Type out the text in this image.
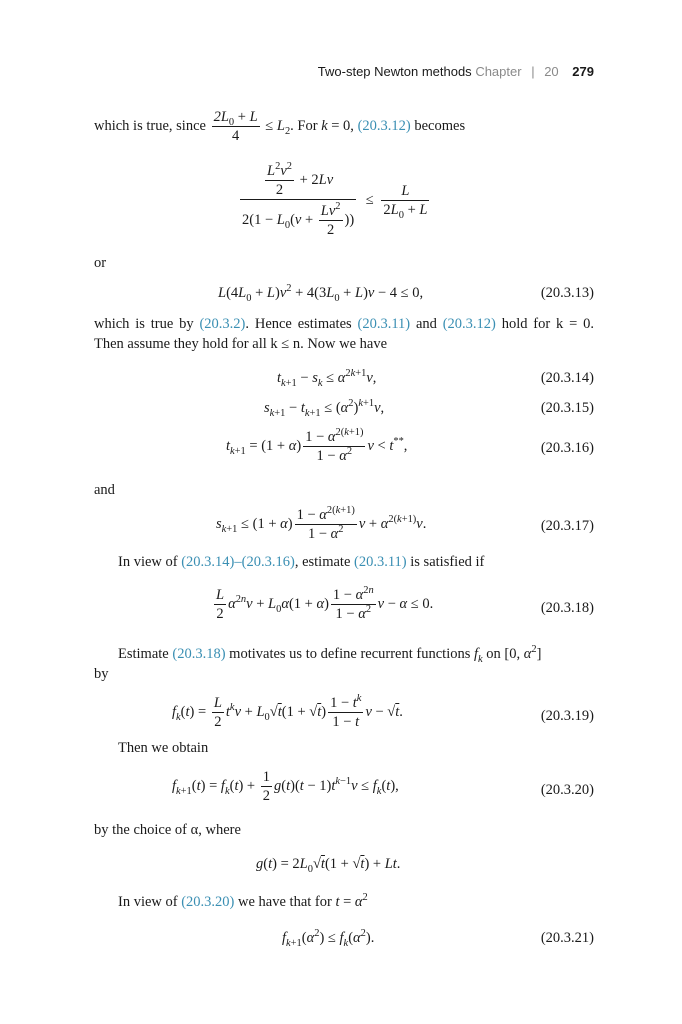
Two-step Newton methods Chapter | 20 279
which is true, since $\frac{2L_0 + L}{4} \le L_2$. For k = 0, (20.3.12) becomes
$\frac{\frac{L^2v^2}{2} + 2Lv}{2(1 - L_0(v + \frac{Lv^2}{2} ))} \le \frac{L}{2L_0 + L}$
or
$L(4L_0 + L)v^2 + 4(3L_0 + L)v - 4 \le 0$,	(20.3.13)
which is true by (20.3.2). Hence estimates (20.3.11) and (20.3.12) hold for k = 0. Then assume they hold for all k ≤ n. Now we have
$t_{k+1} - s_k \le \alpha^{2k+1}v$,	(20.3.14)
$s_{k+1} - t_{k+1} \le (\alpha^2)^{k+1}v$,	(20.3.15)
$t_{k+1} = (1 + \alpha) \frac{1 - \alpha^{2(k+1)}}{1 - \alpha^2}$ v < t**,	(20.3.16)
and
$s_{k+1} \le (1 + \alpha) \frac{1 - \alpha^{2(k+1)}}{1 - \alpha^2}$ $v + \alpha^{2(k+1)}v$.	(20.3.17)
In view of (20.3.14)–(20.3.16), estimate (20.3.11) is satisfied if
$\frac{L}{2} \alpha^{2n}v + L_0\alpha(1 + \alpha) \frac{1 - \alpha^{2n}}{1 - \alpha^2}$ v − α ≤ 0.	(20.3.18)
Estimate (20.3.18) motivates us to define recurrent functions $f_k$ on [0, $\alpha^2$]
by
$f_k(t) = \frac{L}{2} t^kv + L_0√t(1 + √t) \frac{1 - t^k}{1 - t}$ v − √t.	(20.3.19)
Then we obtain
$f_{k+1}(t) = f_k(t) + \frac{1}{2} g(t)(t - 1)t^{k-1}v \le f_k(t)$,	(20.3.20)
by the choice of α, where
$g(t) = 2L_0√t(1 + √t) + Lt$.
In view of (20.3.20) we have that for $t = \alpha^2$
$f_{k+1}(\alpha^2) \le f_k(\alpha^2)$.	(20.3.21)
